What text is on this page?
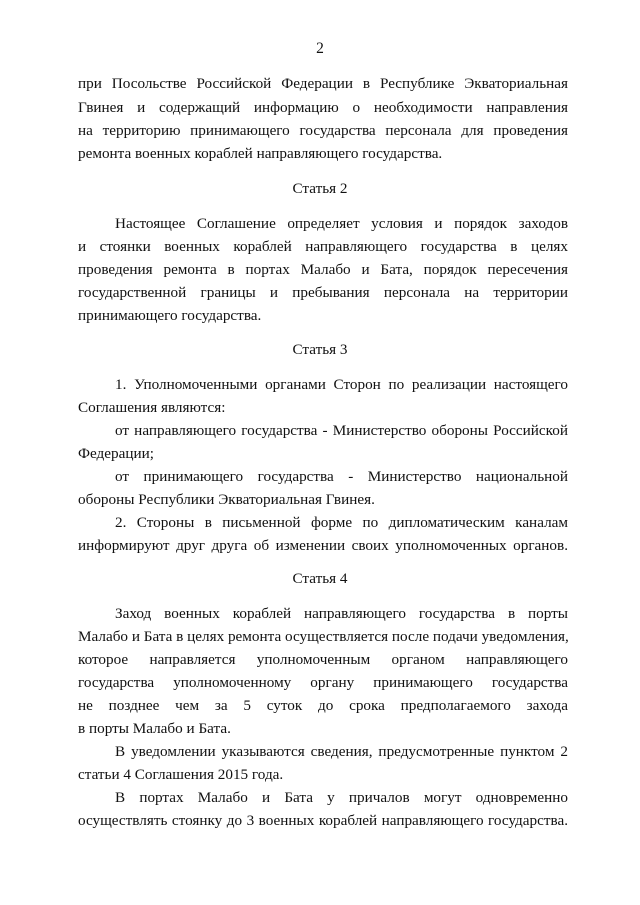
2
при Посольстве Российской Федерации в Республике Экваториальная
Гвинея и содержащий информацию о необходимости направления
на территорию принимающего государства персонала для проведения
ремонта военных кораблей направляющего государства.
Статья 2
Настоящее Соглашение определяет условия и порядок заходов
и стоянки военных кораблей направляющего государства в целях
проведения ремонта в портах Малабо и Бата, порядок пересечения
государственной границы и пребывания персонала на территории
принимающего государства.
Статья 3
1. Уполномоченными органами Сторон по реализации настоящего
Соглашения являются:
от направляющего государства - Министерство обороны Российской
Федерации;
от принимающего государства - Министерство национальной
обороны Республики Экваториальная Гвинея.
2. Стороны в письменной форме по дипломатическим каналам
информируют друг друга об изменении своих уполномоченных органов.
Статья 4
Заход военных кораблей направляющего государства в порты
Малабо и Бата в целях ремонта осуществляется после подачи уведомления,
которое направляется уполномоченным органом направляющего
государства уполномоченному органу принимающего государства
не позднее чем за 5 суток до срока предполагаемого захода
в порты Малабо и Бата.
В уведомлении указываются сведения, предусмотренные пунктом 2
статьи 4 Соглашения 2015 года.
В портах Малабо и Бата у причалов могут одновременно
осуществлять стоянку до 3 военных кораблей направляющего государства.
